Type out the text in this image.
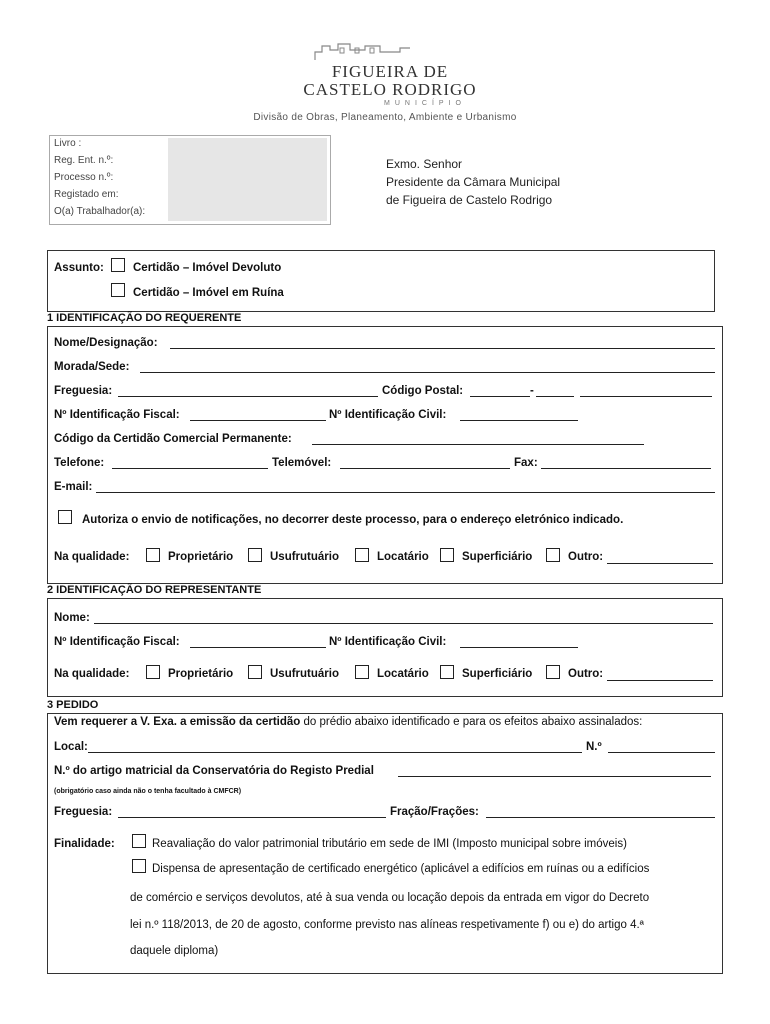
FIGUEIRA DE
CASTELO RODRIGO
MUNICÍPIO
Divisão de Obras, Planeamento, Ambiente e Urbanismo
Livro :
Reg. Ent. n.º:
Processo n.º:
Registado em:
O(a) Trabalhador(a):
Exmo. Senhor
Presidente da Câmara Municipal
de Figueira de Castelo Rodrigo
Assunto:	Certidão – Imóvel Devoluto
Certidão – Imóvel em Ruína
1 IDENTIFICAÇÃO DO REQUERENTE
Nome/Designação:
Morada/Sede:
Freguesia:	Código Postal:	-
Nº Identificação Fiscal:	Nº Identificação Civil:
Código da Certidão Comercial Permanente:
Telefone:	Telemóvel:	Fax:
E-mail:
Autoriza o envio de notificações, no decorrer deste processo, para o endereço eletrónico indicado.
Na qualidade:	Proprietário	Usufrutuário	Locatário	Superficiário	Outro:
2 IDENTIFICAÇÃO DO REPRESENTANTE
Nome:
Nº Identificação Fiscal:	Nº Identificação Civil:
Na qualidade:	Proprietário	Usufrutuário	Locatário	Superficiário	Outro:
3 PEDIDO
Vem requerer a V. Exa. a emissão da certidão do prédio abaixo identificado e para os efeitos abaixo assinalados:
Local:	N.º
N.º do artigo matricial da Conservatória do Registo Predial
(obrigatório caso ainda não o tenha facultado à CMFCR)
Freguesia:	Fração/Frações:
Finalidade:	Reavaliação do valor patrimonial tributário em sede de IMI (Imposto municipal sobre imóveis)
Dispensa de apresentação de certificado energético (aplicável a edifícios em ruínas ou a edifícios
de comércio e serviços devolutos, até à sua venda ou locação depois da entrada em vigor do Decreto
lei n.º 118/2013, de 20 de agosto, conforme previsto nas alíneas respetivamente f) ou e) do artigo 4.ª
daquele diploma)
